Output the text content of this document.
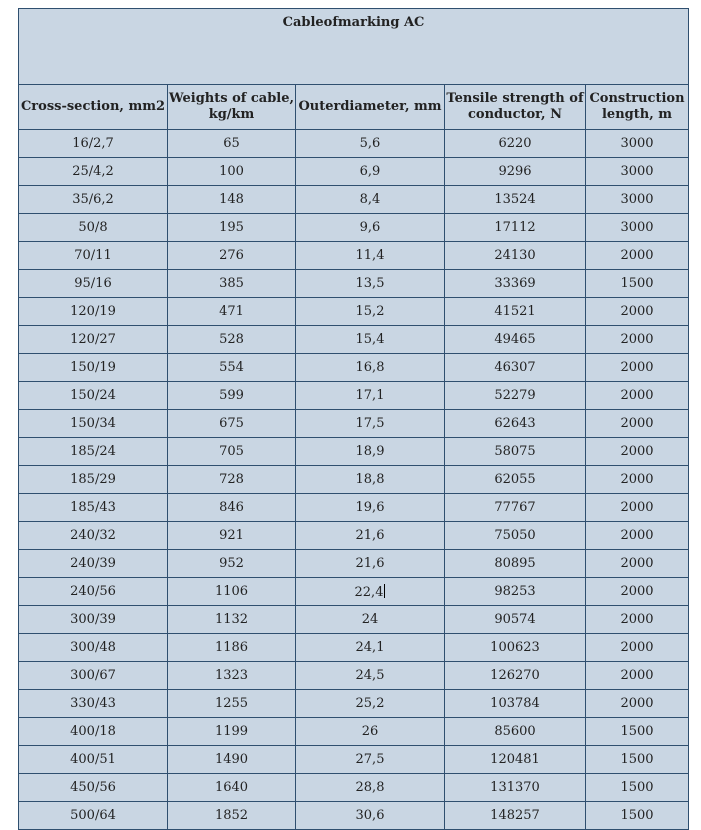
Cableofmarking AC				
Cross-section, mm2	Weights of cable, kg/km	Outerdiameter, mm	Tensile strength of conductor, N	Construction length, m
16/2,7	65	5,6	6220	3000
25/4,2	100	6,9	9296	3000
35/6,2	148	8,4	13524	3000
50/8	195	9,6	17112	3000
70/11	276	11,4	24130	2000
95/16	385	13,5	33369	1500
120/19	471	15,2	41521	2000
120/27	528	15,4	49465	2000
150/19	554	16,8	46307	2000
150/24	599	17,1	52279	2000
150/34	675	17,5	62643	2000
185/24	705	18,9	58075	2000
185/29	728	18,8	62055	2000
185/43	846	19,6	77767	2000
240/32	921	21,6	75050	2000
240/39	952	21,6	80895	2000
240/56	1106	22,4	98253	2000
300/39	1132	24	90574	2000
300/48	1186	24,1	100623	2000
300/67	1323	24,5	126270	2000
330/43	1255	25,2	103784	2000
400/18	1199	26	85600	1500
400/51	1490	27,5	120481	1500
450/56	1640	28,8	131370	1500
500/64	1852	30,6	148257	1500
